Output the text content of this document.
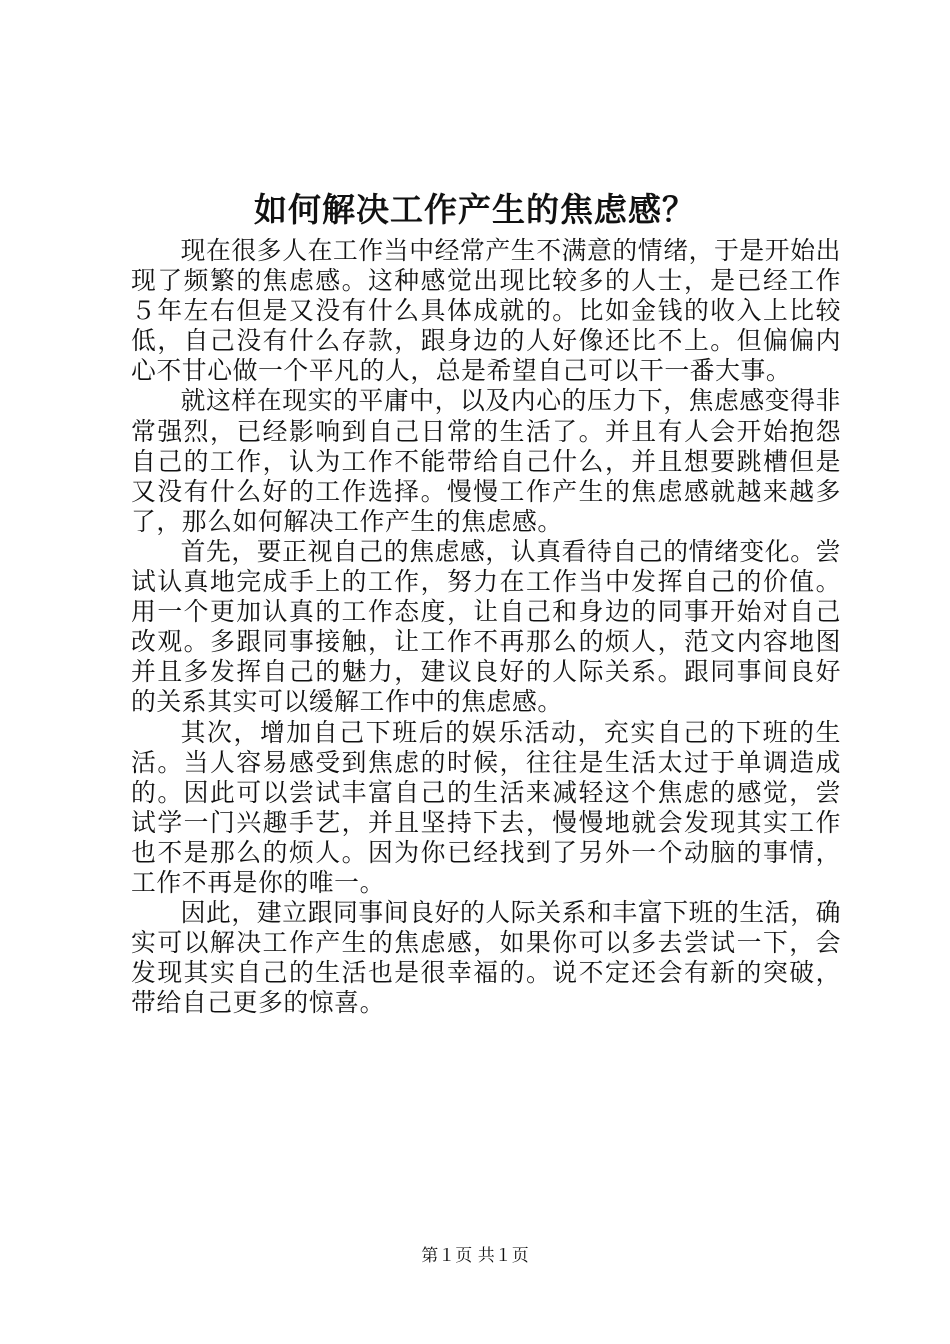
如何解决工作产生的焦虑感？

现在很多人在工作当中经常产生不满意的情绪，于是开始出现了频繁的焦虑感。这种感觉出现比较多的人士，是已经工作５年左右但是又没有什么具体成就的。比如金钱的收入上比较低，自己没有什么存款，跟身边的人好像还比不上。但偏偏内心不甘心做一个平凡的人，总是希望自己可以干一番大事。

就这样在现实的平庸中，以及内心的压力下，焦虑感变得非常强烈，已经影响到自己日常的生活了。并且有人会开始抱怨自己的工作，认为工作不能带给自己什么，并且想要跳槽但是又没有什么好的工作选择。慢慢工作产生的焦虑感就越来越多了，那么如何解决工作产生的焦虑感。

首先，要正视自己的焦虑感，认真看待自己的情绪变化。尝试认真地完成手上的工作，努力在工作当中发挥自己的价值。用一个更加认真的工作态度，让自己和身边的同事开始对自己改观。多跟同事接触，让工作不再那么的烦人，范文内容地图并且多发挥自己的魅力，建议良好的人际关系。跟同事间良好的关系其实可以缓解工作中的焦虑感。

其次，增加自己下班后的娱乐活动，充实自己的下班的生活。当人容易感受到焦虑的时候，往往是生活太过于单调造成的。因此可以尝试丰富自己的生活来减轻这个焦虑的感觉，尝试学一门兴趣手艺，并且坚持下去，慢慢地就会发现其实工作也不是那么的烦人。因为你已经找到了另外一个动脑的事情，工作不再是你的唯一。

因此，建立跟同事间良好的人际关系和丰富下班的生活，确实可以解决工作产生的焦虑感，如果你可以多去尝试一下，会发现其实自己的生活也是很幸福的。说不定还会有新的突破，带给自己更多的惊喜。

第１页 共１页
